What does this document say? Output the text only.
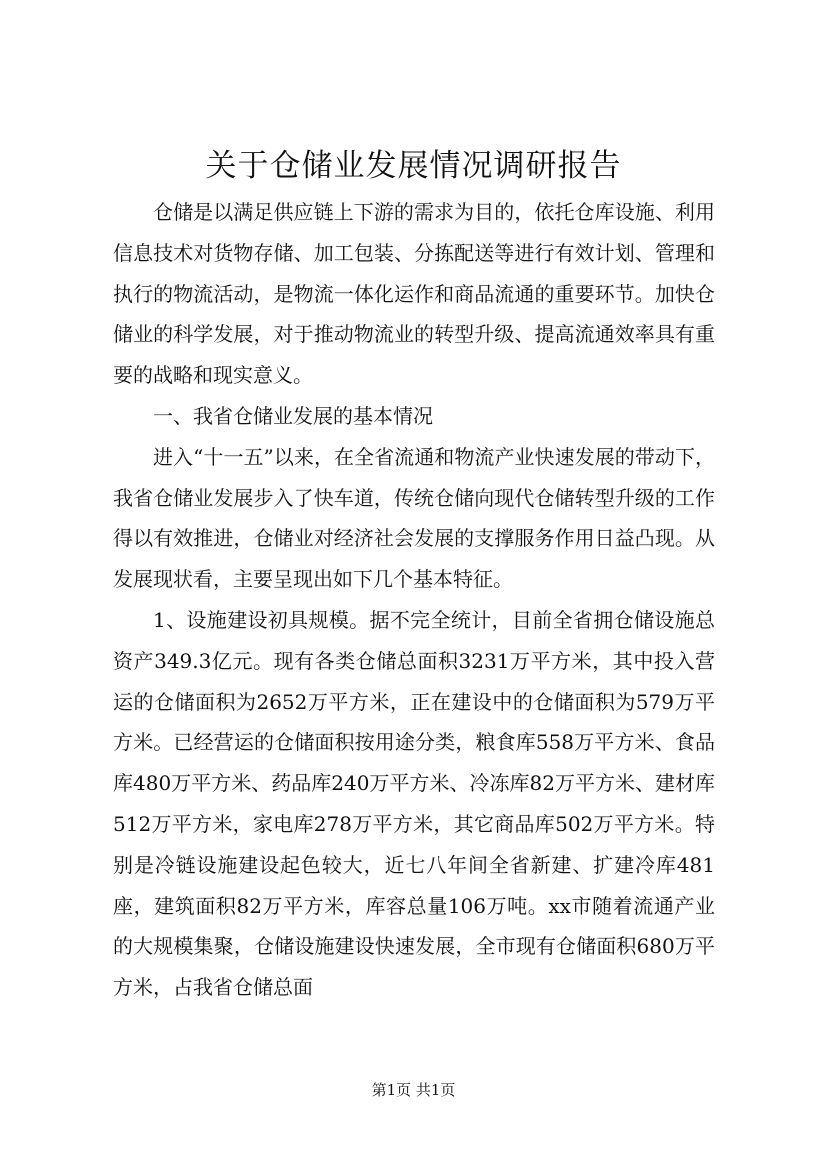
关于仓储业发展情况调研报告

仓储是以满足供应链上下游的需求为目的，依托仓库设施、利用信息技术对货物存储、加工包装、分拣配送等进行有效计划、管理和执行的物流活动，是物流一体化运作和商品流通的重要环节。加快仓储业的科学发展，对于推动物流业的转型升级、提高流通效率具有重要的战略和现实意义。

一、我省仓储业发展的基本情况

进入“十一五”以来，在全省流通和物流产业快速发展的带动下，我省仓储业发展步入了快车道，传统仓储向现代仓储转型升级的工作得以有效推进，仓储业对经济社会发展的支撑服务作用日益凸现。从发展现状看，主要呈现出如下几个基本特征。

1、设施建设初具规模。据不完全统计，目前全省拥仓储设施总资产349.3亿元。现有各类仓储总面积3231万平方米，其中投入营运的仓储面积为2652万平方米，正在建设中的仓储面积为579万平方米。已经营运的仓储面积按用途分类，粮食库558万平方米、食品库480万平方米、药品库240万平方米、冷冻库82万平方米、建材库512万平方米，家电库278万平方米，其它商品库502万平方米。特别是冷链设施建设起色较大，近七八年间全省新建、扩建冷库481座，建筑面积82万平方米，库容总量106万吨。xx市随着流通产业的大规模集聚，仓储设施建设快速发展，全市现有仓储面积680万平方米，占我省仓储总面

第1页 共1页
